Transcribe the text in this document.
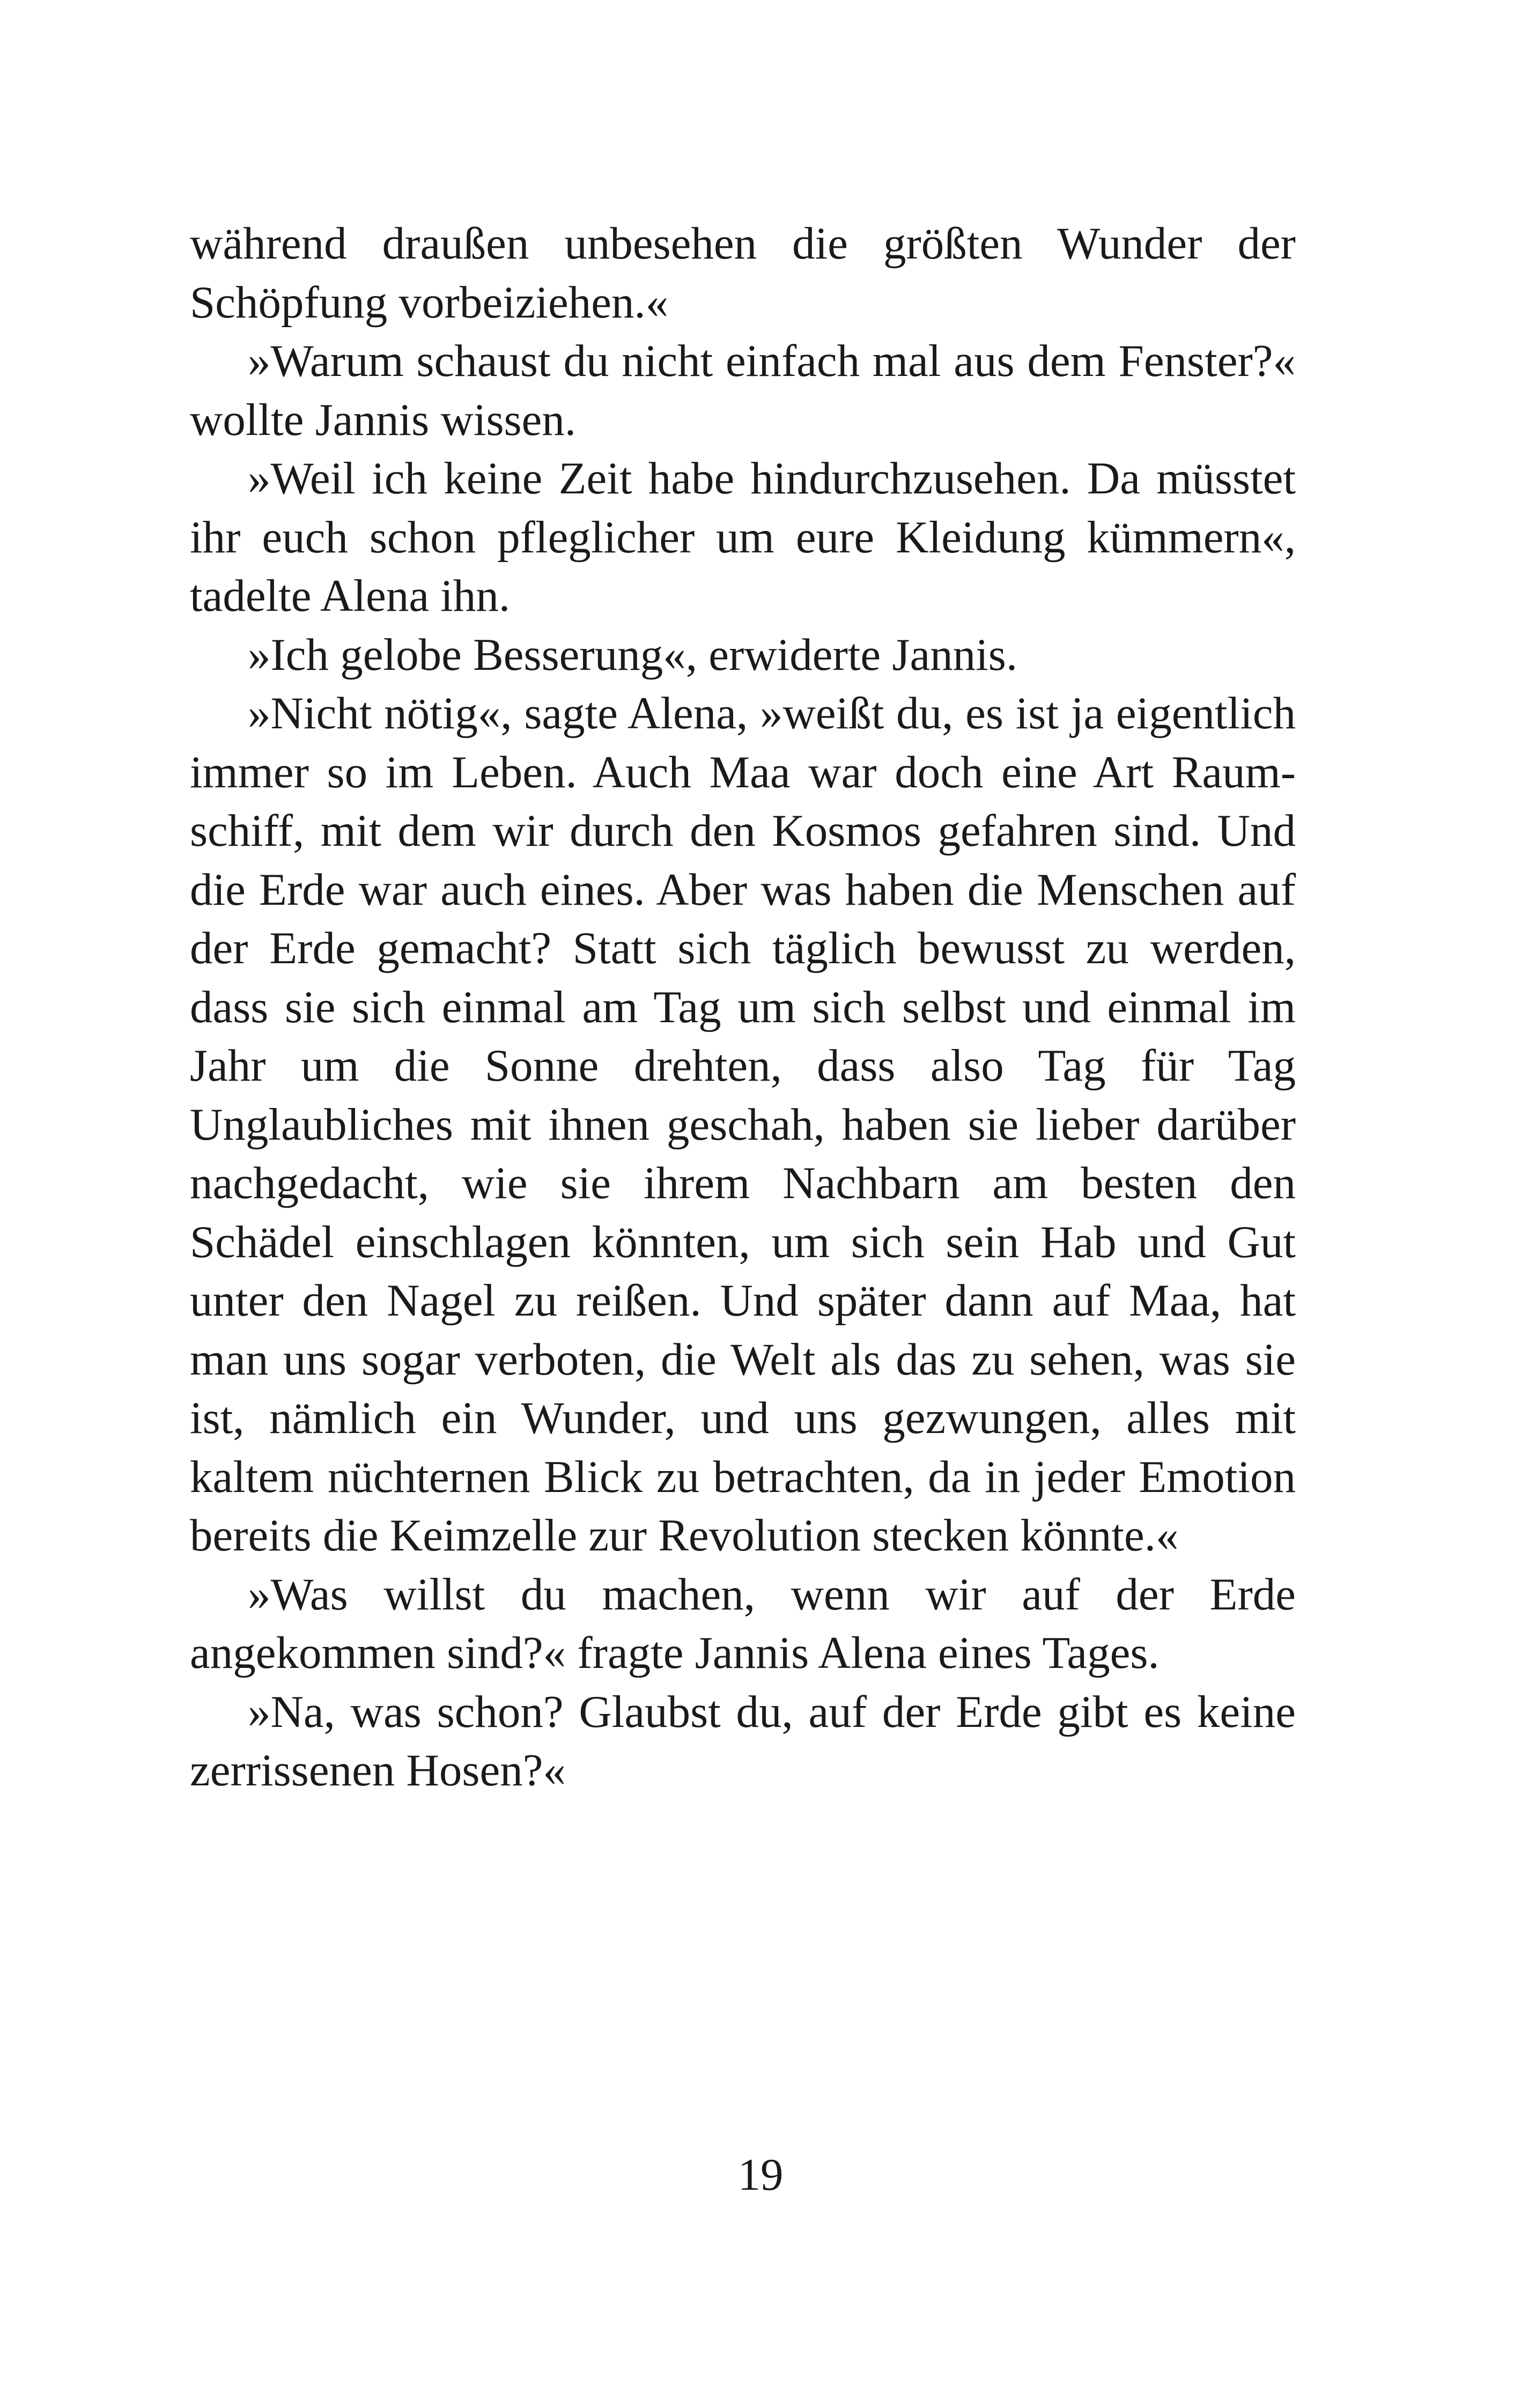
während draußen unbesehen die größten Wunder der Schöpfung vorbeiziehen.«

»Warum schaust du nicht einfach mal aus dem Fenster?« wollte Jannis wissen.

»Weil ich keine Zeit habe hindurchzusehen. Da müsstet ihr euch schon pfleglicher um eure Kleidung kümmern«, tadelte Alena ihn.

»Ich gelobe Besserung«, erwiderte Jannis.

»Nicht nötig«, sagte Alena, »weißt du, es ist ja eigentlich immer so im Leben. Auch Maa war doch eine Art Raumschiff, mit dem wir durch den Kosmos gefahren sind. Und die Erde war auch eines. Aber was haben die Menschen auf der Erde gemacht? Statt sich täglich bewusst zu werden, dass sie sich einmal am Tag um sich selbst und einmal im Jahr um die Sonne drehten, dass also Tag für Tag Unglaubliches mit ihnen geschah, haben sie lieber darüber nachgedacht, wie sie ihrem Nachbarn am besten den Schädel einschlagen könnten, um sich sein Hab und Gut unter den Nagel zu reißen. Und später dann auf Maa, hat man uns sogar verboten, die Welt als das zu sehen, was sie ist, nämlich ein Wunder, und uns gezwungen, alles mit kaltem nüchternen Blick zu betrachten, da in jeder Emotion bereits die Keimzelle zur Revolution stecken könnte.«

»Was willst du machen, wenn wir auf der Erde angekommen sind?« fragte Jannis Alena eines Tages.

»Na, was schon? Glaubst du, auf der Erde gibt es keine zerrissenen Hosen?«

19
